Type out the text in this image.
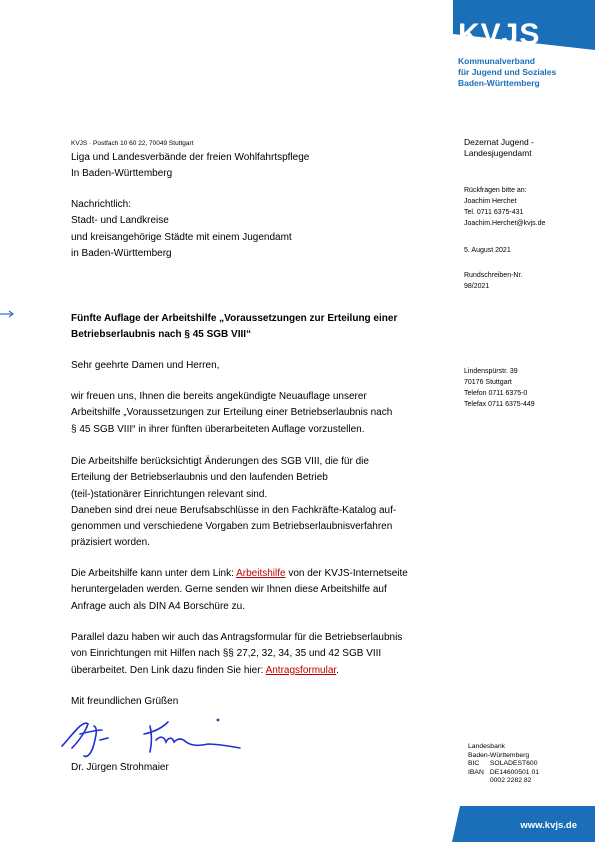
KVJS
Kommunalverband
für Jugend und Soziales
Baden-Württemberg
KVJS · Postfach 10 60 22, 70049 Stuttgart
Liga und Landesverbände der freien Wohlfahrtspflege
In Baden-Württemberg
Nachrichtlich:
Stadt- und Landkreise
und kreisangehörige Städte mit einem Jugendamt
in Baden-Württemberg
Dezernat Jugend -
Landesjugendamt
Rückfragen bitte an:
Joachim Herchet
Tel. 0711 6375-431
Joachim.Herchet@kvjs.de
5. August 2021
Rundschreiben-Nr.
98/2021
Lindenspürstr. 39
70176 Stuttgart
Telefon 0711 6375-0
Telefax 0711 6375-449
Fünfte Auflage der Arbeitshilfe „Voraussetzungen zur Erteilung einer
Betriebserlaubnis nach § 45 SGB VIII“
Sehr geehrte Damen und Herren,
wir freuen uns, Ihnen die bereits angekündigte Neuauflage unserer
Arbeitshilfe „Voraussetzungen zur Erteilung einer Betriebserlaubnis nach
§ 45 SGB VIII“ in ihrer fünften überarbeiteten Auflage vorzustellen.
Die Arbeitshilfe berücksichtigt Änderungen des SGB VIII, die für die
Erteilung der Betriebserlaubnis und den laufenden Betrieb
(teil-)stationärer Einrichtungen relevant sind.
Daneben sind drei neue Berufsabschlüsse in den Fachkräfte-Katalog auf-
genommen und verschiedene Vorgaben zum Betriebserlaubnisverfahren
präzisiert worden.
Die Arbeitshilfe kann unter dem Link: Arbeitshilfe von der KVJS-Internetseite
heruntergeladen werden. Gerne senden wir Ihnen diese Arbeitshilfe auf
Anfrage auch als DIN A4 Borschüre zu.
Parallel dazu haben wir auch das Antragsformular für die Betriebserlaubnis
von Einrichtungen mit Hilfen nach §§ 27,2, 32, 34, 35 und 42 SGB VIII
überarbeitet. Den Link dazu finden Sie hier: Antragsformular.
Mit freundlichen Grüßen
Dr. Jürgen Strohmaier
Landesbank
Baden-Württemberg
BIC	SOLADEST600
IBAN	DE14600501 01
	0002 2282 82
www.kvjs.de
